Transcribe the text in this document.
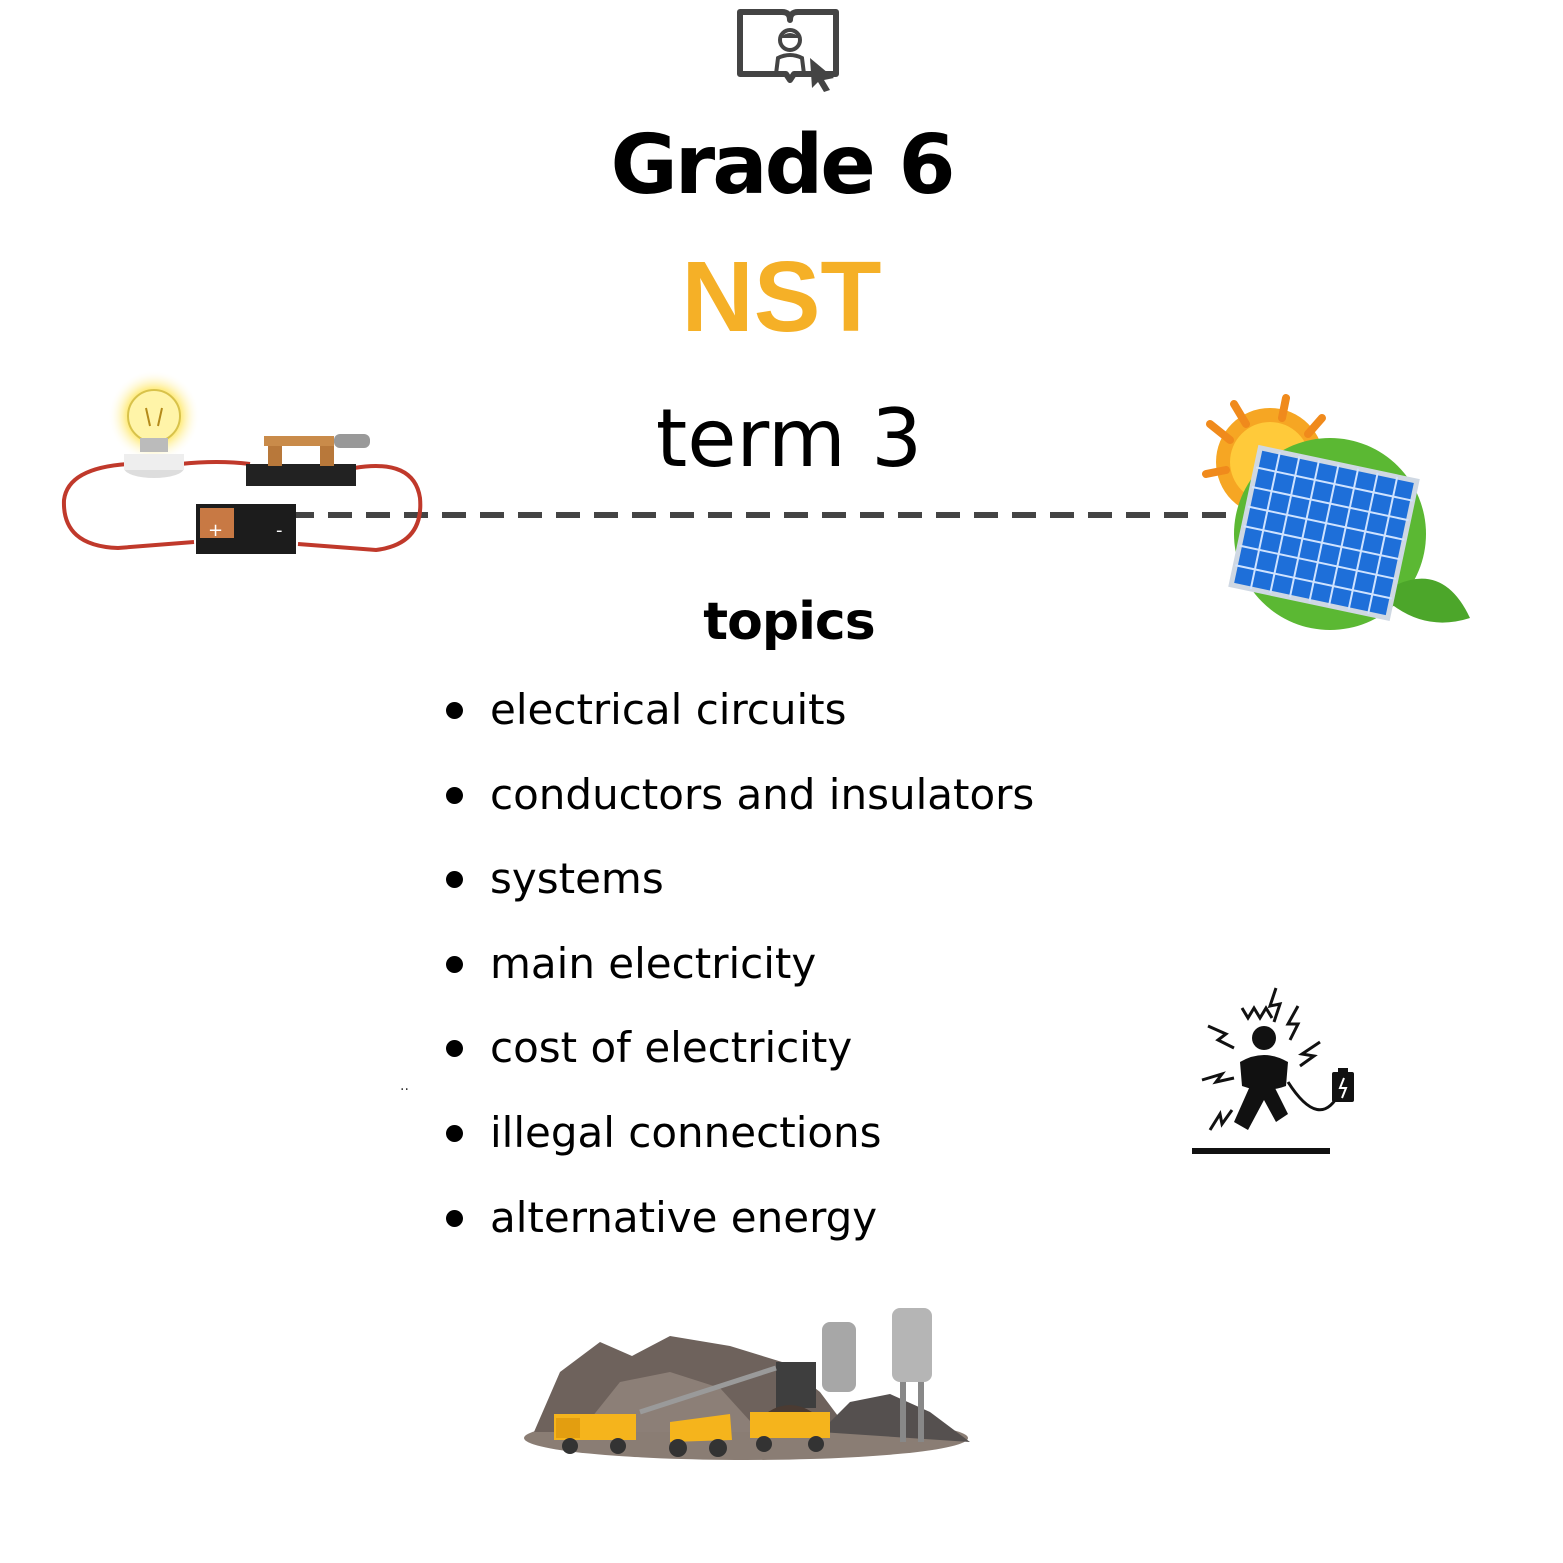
Grade 6
NST
term 3
+	-
topics
electrical circuits
conductors and insulators
systems
main electricity
cost of electricity
illegal connections
alternative energy
..
